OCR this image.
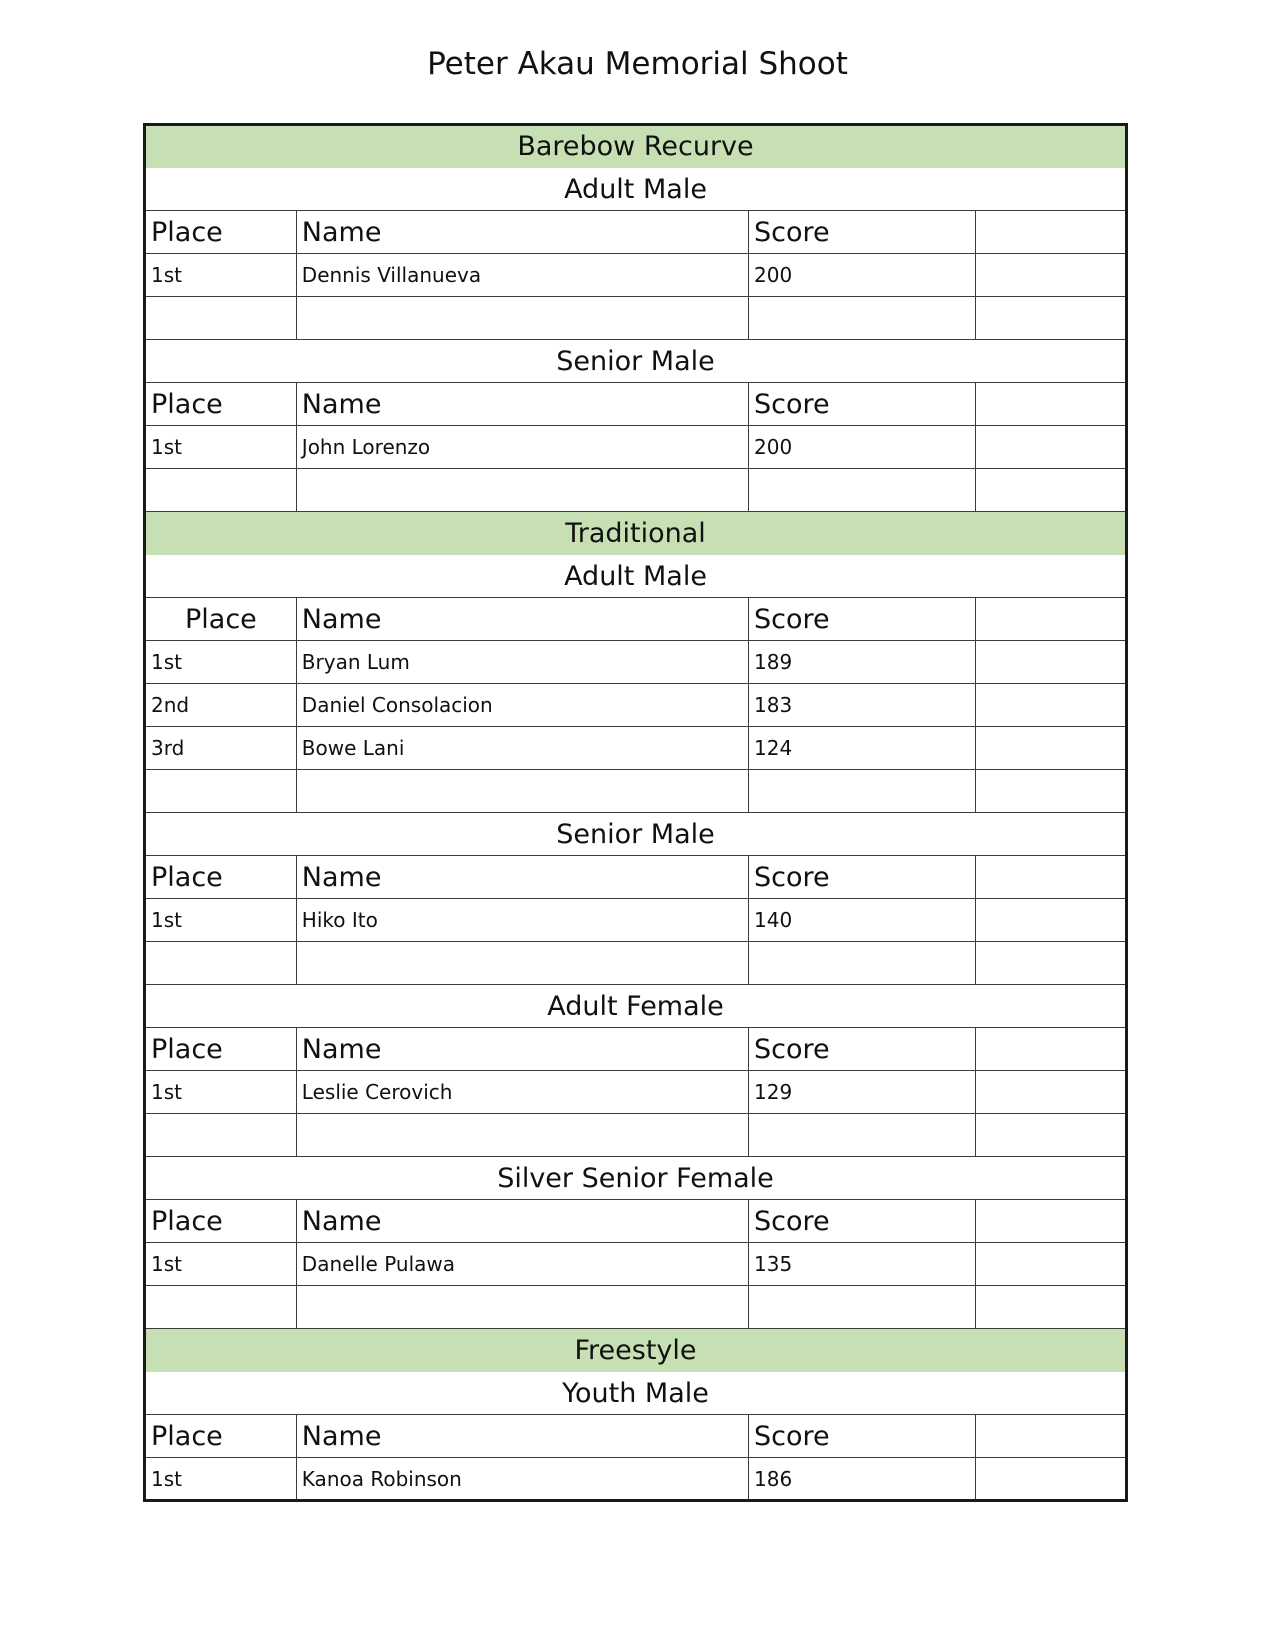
Peter Akau Memorial Shoot
Barebow Recurve			
Adult Male			
Place	Name	Score	
1st	Dennis Villanueva	200	

Senior Male			
Place	Name	Score	
1st	John Lorenzo	200	

Traditional			
Adult Male			
Place	Name	Score	
1st	Bryan Lum	189	
2nd	Daniel Consolacion	183	
3rd	Bowe Lani	124	

Senior Male			
Place	Name	Score	
1st	Hiko Ito	140	

Adult Female			
Place	Name	Score	
1st	Leslie Cerovich	129	

Silver Senior Female			
Place	Name	Score	
1st	Danelle Pulawa	135	

Freestyle			
Youth Male			
Place	Name	Score	
1st	Kanoa Robinson	186	
